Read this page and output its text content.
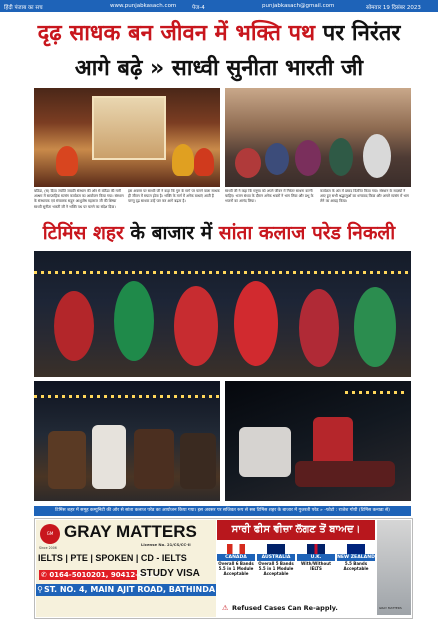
हिंदी पंजाब का सच	www.punjabkasach.com	पेज-4	punjabkasach@gmail.com	सोमवार 19 दिसंबर 2023
दृढ़ साधक बन जीवन में भक्ति पथ पर निरंतर
आगे बढ़े » साध्वी सुनीता भारती जी
बठिंडा, (स) दिव्य ज्योति जाग्रति संस्थान की ओर से बठिंडा की गली आश्रम में साप्ताहिक सत्संग कार्यक्रम का आयोजन किया गया। संस्थान के संस्थापक एवं संचालक सद्गुरु आशुतोष महाराज जी की शिष्या साध्वी सुनीता भारती जी ने भक्ति पथ पर चलने का संदेश दिया।
इस अवसर पर साध्वी जी ने कहा कि गुरु के मार्ग पर चलने वाला साधक ही जीवन में सफल होता है। भक्ति के मार्ग में अनेक बाधाएं आती हैं परन्तु दृढ़ साधक उन्हें पार कर आगे बढ़ता है।
साध्वी जी ने कहा कि मनुष्य को अपने जीवन में निरंतर साधना करनी चाहिए। भजन संध्या के दौरान अनेक भक्तों ने भाग लिया और प्रभु के भजनों का आनंद लिया।
कार्यक्रम के अंत में प्रसाद वितरित किया गया। संस्थान के सदस्यों ने आए हुए सभी श्रद्धालुओं का धन्यवाद किया और अगले सत्संग में भाग लेने का आग्रह किया।
टिमिंस शहर के बाजार में सांता कलाज परेड निकली
टिमिंस शहर में समूह कम्युनिटी की ओर से सांता कलाज परेड का आयोजन किया गया। इस अवसर पर सजिवत रूप से सब टिमिंस शहर के बाजार में गुजरती परेड » -फोटो : राजेश गोयी (टिमिंस कनाडा से)
GM
Since 2006
GRAY MATTERS
License No. 21/CS/CC-II
IELTS | PTE | SPOKEN | CD - IELTS
✆ 0164-5010201, 90412-43156
STUDY VISA
⚲ST. NO. 4, MAIN AJIT ROAD, BATHINDA
ਸਾਰੀ ਫੀਸ ਵੀਜ਼ਾ ਲੱਗਣ ਤੋਂ ਬਾਅਦ।
CANADA
Overall 6 Bands 5.5 in 1 Module Acceptable
AUSTRALIA
Overall 5 Bands 5.5 in 1 Module Acceptable
U.K.
With/Without IELTS
NEW ZEALAND
5.5 Bands Acceptable
⚠ Refused Cases Can Re-apply.	GRAY MATTERS
